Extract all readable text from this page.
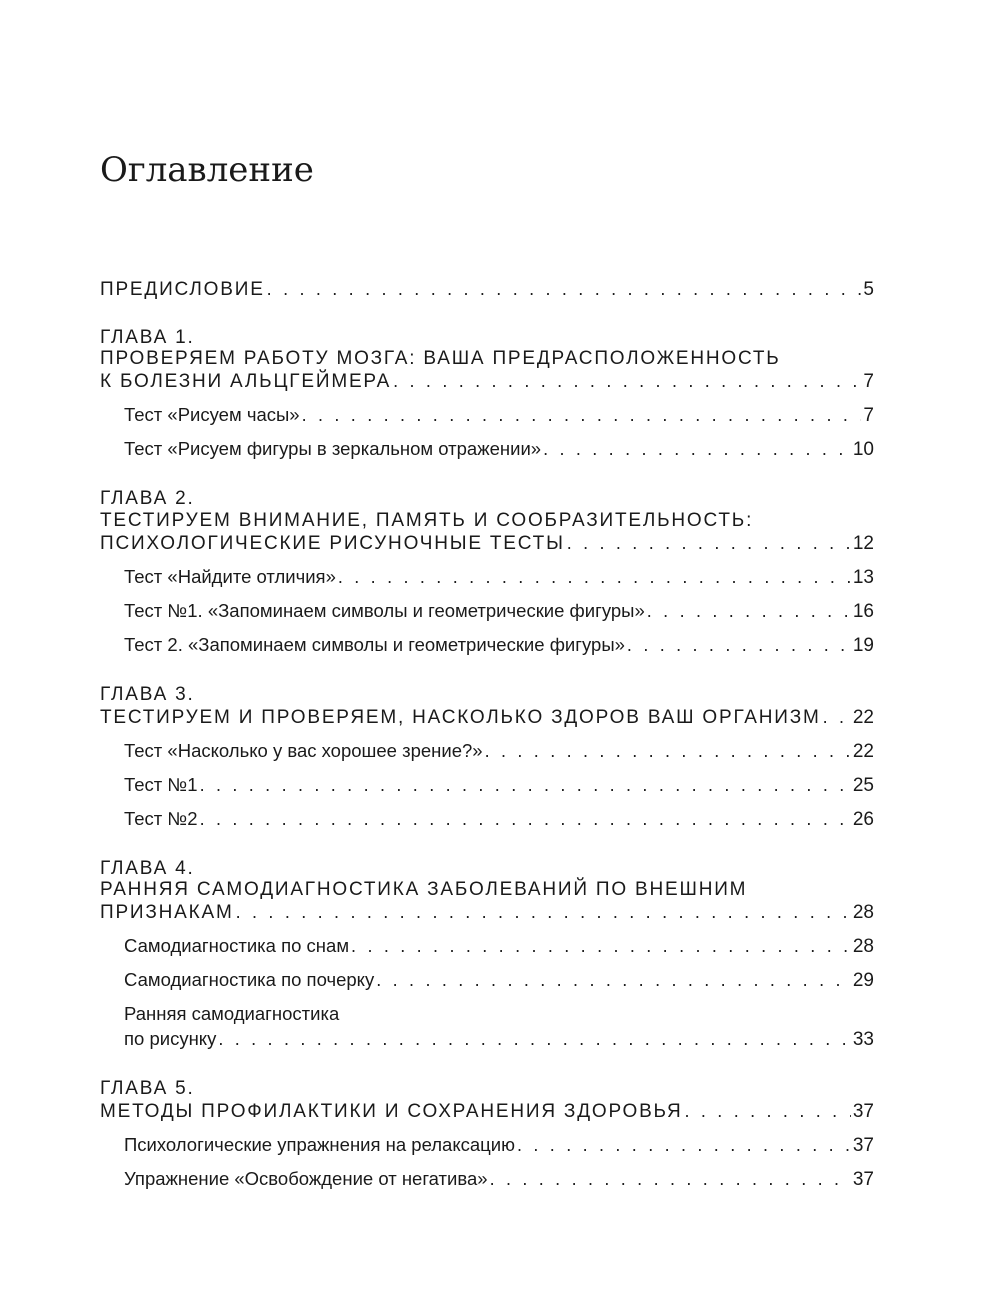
Оглавление
ПРЕДИСЛОВИЕ . . .	5
ГЛАВА 1.
ПРОВЕРЯЕМ РАБОТУ МОЗГА: ВАША ПРЕДРАСПОЛОЖЕННОСТЬ
К БОЛЕЗНИ АЛЬЦГЕЙМЕРА . . .	7
Тест «Рисуем часы» . . .	7
Тест «Рисуем фигуры в зеркальном отражении» . . .	10
ГЛАВА 2.
ТЕСТИРУЕМ ВНИМАНИЕ, ПАМЯТЬ И СООБРАЗИТЕЛЬНОСТЬ:
ПСИХОЛОГИЧЕСКИЕ РИСУНОЧНЫЕ ТЕСТЫ . . .	12
Тест «Найдите отличия» . . .	13
Тест №1. «Запоминаем символы и геометрические фигуры» . . .	16
Тест 2. «Запоминаем символы и геометрические фигуры» . . .	19
ГЛАВА 3.
ТЕСТИРУЕМ И ПРОВЕРЯЕМ, НАСКОЛЬКО ЗДОРОВ ВАШ ОРГАНИЗМ . . . 22
Тест «Насколько у вас хорошее зрение?» . . .	22
Тест №1 . . .	25
Тест №2 . . .	26
ГЛАВА 4.
РАННЯЯ САМОДИАГНОСТИКА ЗАБОЛЕВАНИЙ ПО ВНЕШНИМ
ПРИЗНАКАМ . . .	28
Самодиагностика по снам . . .	28
Самодиагностика по почерку . . .	29
Ранняя самодиагностика
по рисунку . . .	33
ГЛАВА 5.
МЕТОДЫ ПРОФИЛАКТИКИ И СОХРАНЕНИЯ ЗДОРОВЬЯ . . .	37
Психологические упражнения на релаксацию . . .	37
Упражнение «Освобождение от негатива» . . .	37
